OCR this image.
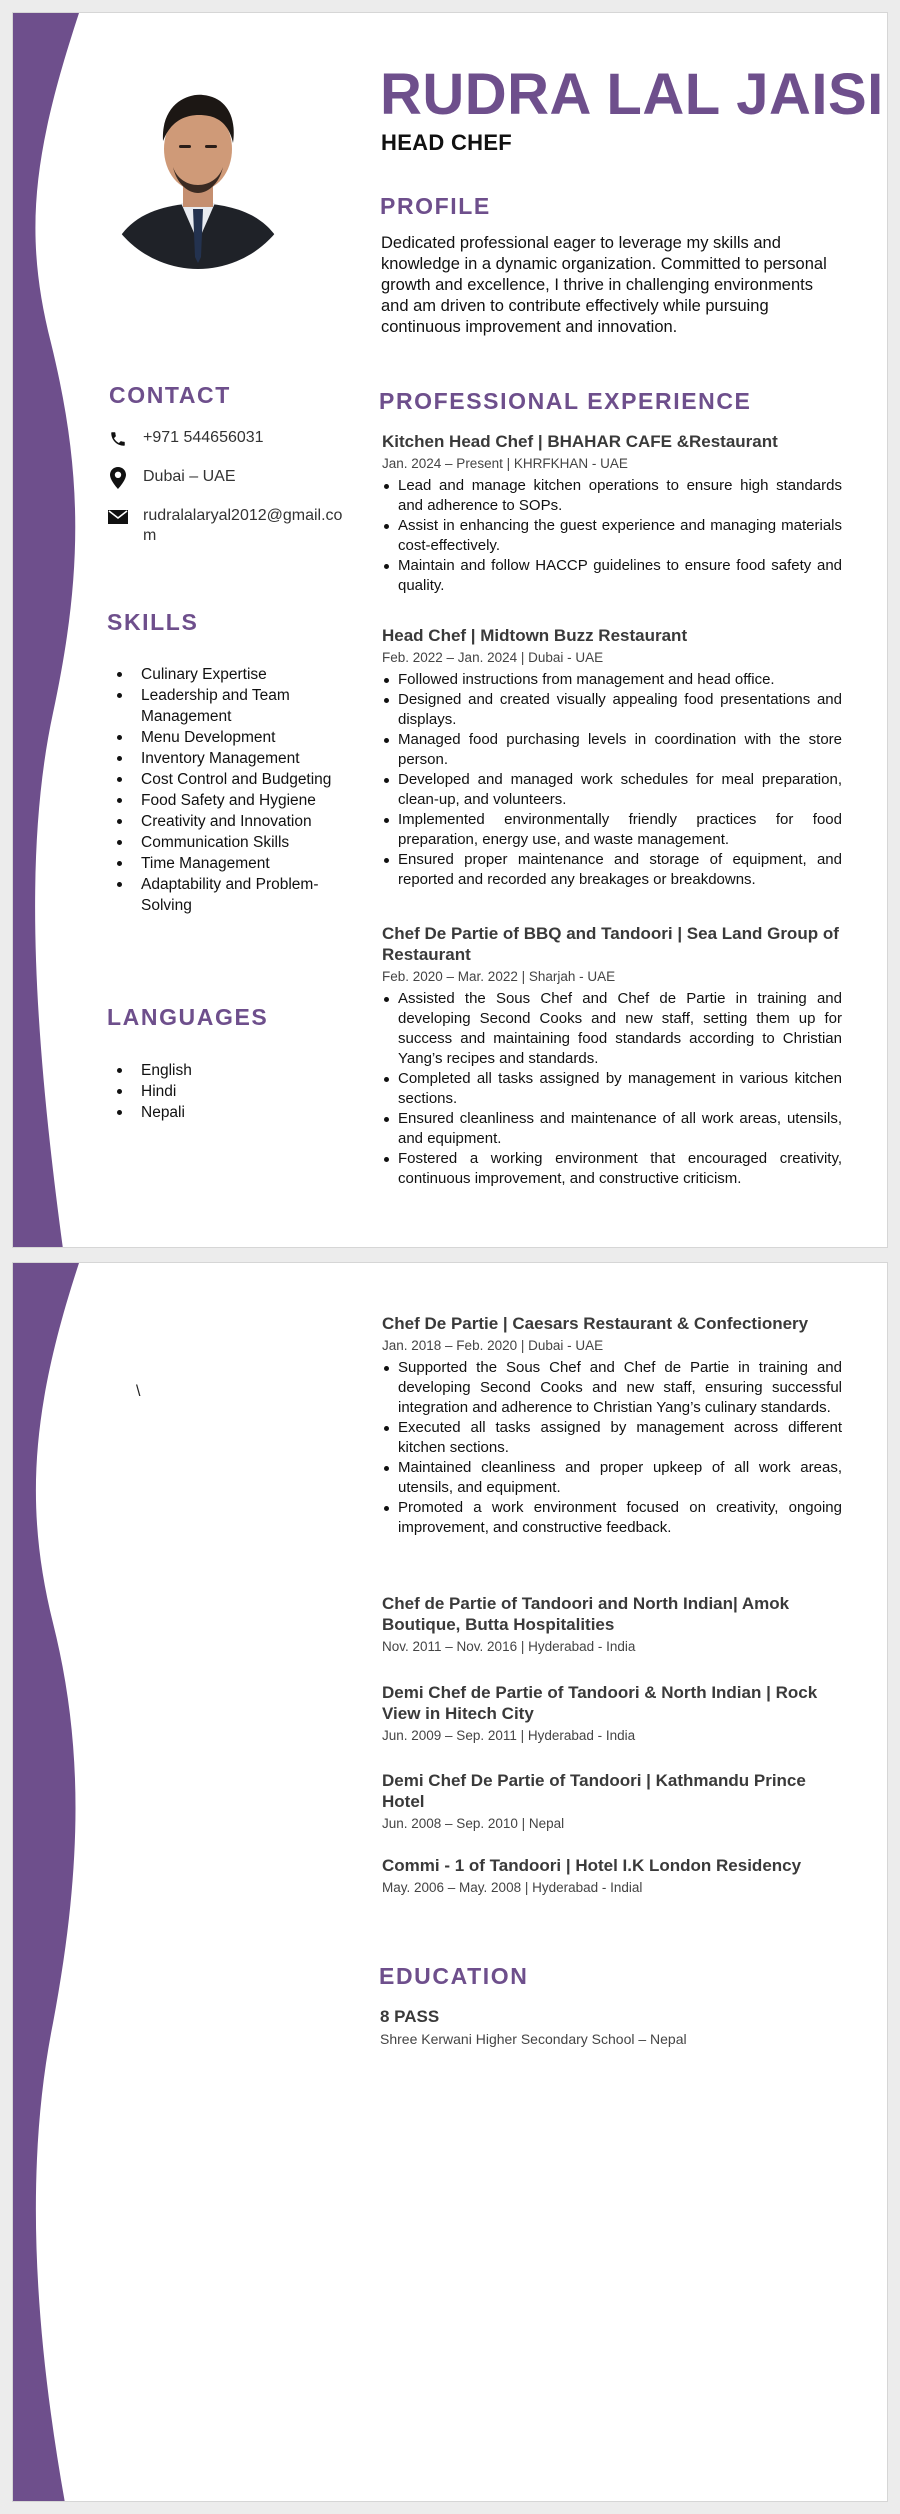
RUDRA LAL JAISI
HEAD CHEF
PROFILE
Dedicated professional eager to leverage my skills and knowledge in a dynamic organization. Committed to personal growth and excellence, I thrive in challenging environments and am driven to contribute effectively while pursuing continuous improvement and innovation.
CONTACT
+971 544656031
Dubai – UAE
rudralalaryal2012@gmail.com
SKILLS
Culinary Expertise
Leadership and Team Management
Menu Development
Inventory Management
Cost Control and Budgeting
Food Safety and Hygiene
Creativity and Innovation
Communication Skills
Time Management
Adaptability and Problem-Solving
LANGUAGES
English
Hindi
Nepali
PROFESSIONAL EXPERIENCE
Kitchen Head Chef | BHAHAR CAFE &Restaurant
Jan. 2024 – Present | KHRFKHAN - UAE
Lead and manage kitchen operations to ensure high standards and adherence to SOPs.
Assist in enhancing the guest experience and managing materials cost-effectively.
Maintain and follow HACCP guidelines to ensure food safety and quality.
Head Chef | Midtown Buzz Restaurant
Feb. 2022 – Jan. 2024 | Dubai - UAE
Followed instructions from management and head office.
Designed and created visually appealing food presentations and displays.
Managed food purchasing levels in coordination with the store person.
Developed and managed work schedules for meal preparation, clean-up, and volunteers.
Implemented environmentally friendly practices for food preparation, energy use, and waste management.
Ensured proper maintenance and storage of equipment, and reported and recorded any breakages or breakdowns.
Chef De Partie of BBQ and Tandoori | Sea Land Group of Restaurant
Feb. 2020 – Mar. 2022 | Sharjah - UAE
Assisted the Sous Chef and Chef de Partie in training and developing Second Cooks and new staff, setting them up for success and maintaining food standards according to Christian Yang’s recipes and standards.
Completed all tasks assigned by management in various kitchen sections.
Ensured cleanliness and maintenance of all work areas, utensils, and equipment.
Fostered a working environment that encouraged creativity, continuous improvement, and constructive criticism.
\
Chef De Partie | Caesars Restaurant & Confectionery
Jan. 2018 – Feb. 2020 | Dubai - UAE
Supported the Sous Chef and Chef de Partie in training and developing Second Cooks and new staff, ensuring successful integration and adherence to Christian Yang’s culinary standards.
Executed all tasks assigned by management across different kitchen sections.
Maintained cleanliness and proper upkeep of all work areas, utensils, and equipment.
Promoted a work environment focused on creativity, ongoing improvement, and constructive feedback.
Chef de Partie of Tandoori and North Indian| Amok Boutique, Butta Hospitalities
Nov. 2011 – Nov. 2016 | Hyderabad - India
Demi Chef de Partie of Tandoori & North Indian | Rock View in Hitech City
Jun. 2009 – Sep. 2011 | Hyderabad - India
Demi Chef De Partie of Tandoori | Kathmandu Prince Hotel
Jun. 2008 – Sep. 2010 | Nepal
Commi - 1 of Tandoori | Hotel I.K London Residency
May. 2006 – May. 2008 | Hyderabad - Indial
EDUCATION
8 PASS
Shree Kerwani Higher Secondary School – Nepal
